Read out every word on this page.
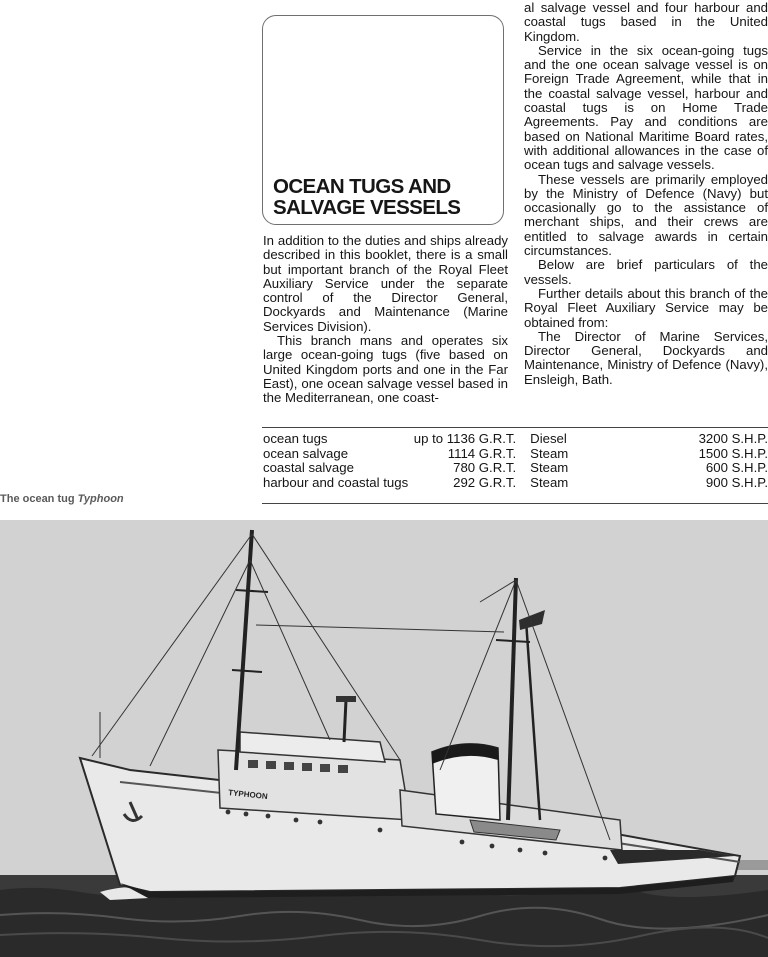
OCEAN TUGS AND
SALVAGE VESSELS

In addition to the duties and ships already described in this booklet, there is a small but important branch of the Royal Fleet Auxiliary Service under the separate control of the Director General, Dockyards and Maintenance (Marine Services Division).

This branch mans and operates six large ocean-going tugs (five based on United Kingdom ports and one in the Far East), one ocean salvage vessel based in the Mediterranean, one coast-

al salvage vessel and four harbour and coastal tugs based in the United Kingdom.

Service in the six ocean-going tugs and the one ocean salvage vessel is on Foreign Trade Agreement, while that in the coastal salvage vessel, harbour and coastal tugs is on Home Trade Agreements. Pay and conditions are based on National Maritime Board rates, with additional allowances in the case of ocean tugs and salvage vessels.

These vessels are primarily employed by the Ministry of Defence (Navy) but occasionally go to the assistance of merchant ships, and their crews are entitled to salvage awards in certain circumstances.

Below are brief particulars of the vessels.

Further details about this branch of the Royal Fleet Auxiliary Service may be obtained from:

The Director of Marine Services, Director General, Dockyards and Maintenance, Ministry of Defence (Navy), Ensleigh, Bath.

ocean tugs	up to 1136 G.R.T.	Diesel	3200 S.H.P.
ocean salvage	1114 G.R.T.	Steam	1500 S.H.P.
coastal salvage	780 G.R.T.	Steam	600 S.H.P.
harbour and coastal tugs	292 G.R.T.	Steam	900 S.H.P.
The ocean tug Typhoon
TYPHOON
